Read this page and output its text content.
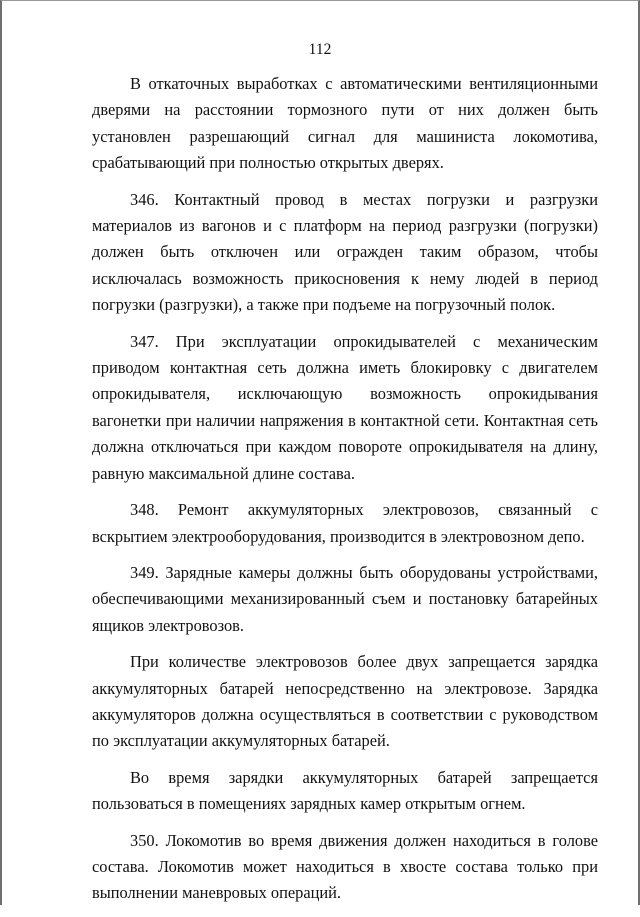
112

В откаточных выработках с автоматическими вентиляционными дверями на расстоянии тормозного пути от них должен быть установлен разрешающий сигнал для машиниста локомотива, срабатывающий при полностью открытых дверях.

346. Контактный провод в местах погрузки и разгрузки материалов из вагонов и с платформ на период разгрузки (погрузки) должен быть отключен или огражден таким образом, чтобы исключалась возможность прикосновения к нему людей в период погрузки (разгрузки), а также при подъеме на погрузочный полок.

347. При эксплуатации опрокидывателей с механическим приводом контактная сеть должна иметь блокировку с двигателем опрокидывателя, исключающую возможность опрокидывания вагонетки при наличии напряжения в контактной сети. Контактная сеть должна отключаться при каждом повороте опрокидывателя на длину, равную максимальной длине состава.

348. Ремонт аккумуляторных электровозов, связанный с вскрытием электрооборудования, производится в электровозном депо.

349. Зарядные камеры должны быть оборудованы устройствами, обеспечивающими механизированный съем и постановку батарейных ящиков электровозов.

При количестве электровозов более двух запрещается зарядка аккумуляторных батарей непосредственно на электровозе. Зарядка аккумуляторов должна осуществляться в соответствии с руководством по эксплуатации аккумуляторных батарей.

Во время зарядки аккумуляторных батарей запрещается пользоваться в помещениях зарядных камер открытым огнем.

350. Локомотив во время движения должен находиться в голове состава. Локомотив может находиться в хвосте состава только при выполнении маневровых операций.
